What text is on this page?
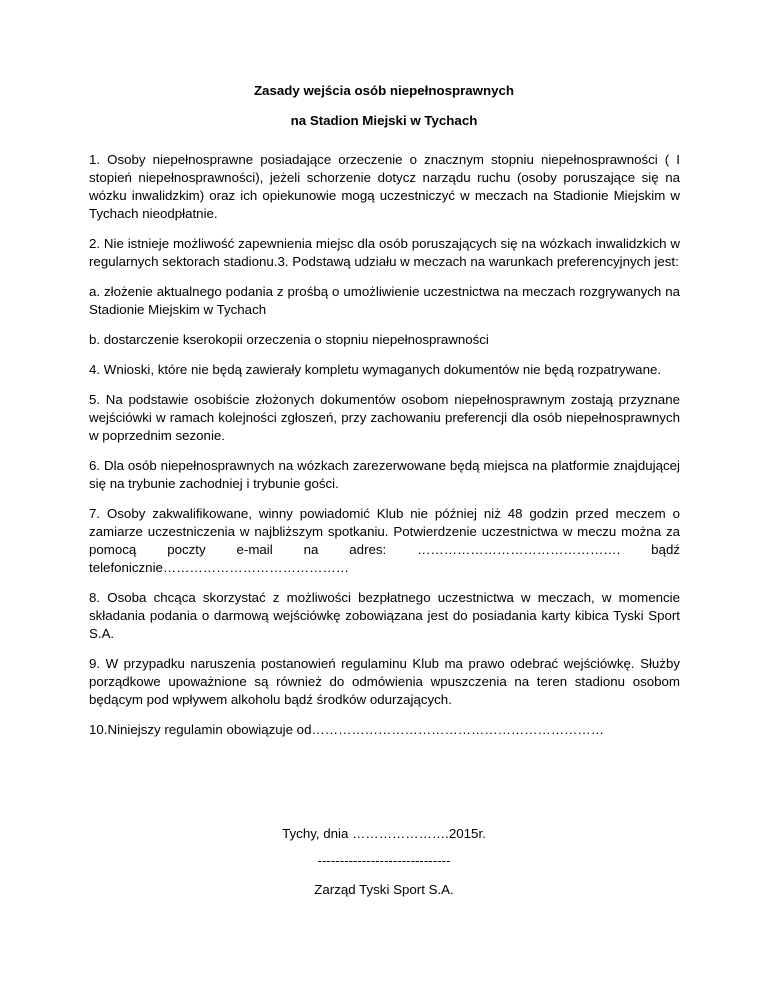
Zasady wejścia osób niepełnosprawnych
na Stadion Miejski w Tychach

1. Osoby niepełnosprawne posiadające orzeczenie o znacznym stopniu niepełnosprawności ( I stopień niepełnosprawności), jeżeli schorzenie dotycz narządu ruchu (osoby poruszające się na wózku inwalidzkim) oraz ich opiekunowie mogą uczestniczyć w meczach na Stadionie Miejskim w Tychach nieodpłatnie.

2. Nie istnieje możliwość zapewnienia miejsc dla osób poruszających się na wózkach inwalidzkich w regularnych sektorach stadionu.3. Podstawą udziału w meczach na warunkach preferencyjnych jest:

a. złożenie aktualnego podania z prośbą o umożliwienie uczestnictwa na meczach rozgrywanych na Stadionie Miejskim w Tychach

b. dostarczenie kserokopii orzeczenia o stopniu niepełnosprawności

4. Wnioski, które nie będą zawierały kompletu wymaganych dokumentów nie będą rozpatrywane.

5. Na podstawie osobiście złożonych dokumentów osobom niepełnosprawnym zostają przyznane wejściówki w ramach kolejności zgłoszeń, przy zachowaniu preferencji dla osób niepełnosprawnych w poprzednim sezonie.

6. Dla osób niepełnosprawnych na wózkach zarezerwowane będą miejsca na platformie znajdującej się na trybunie zachodniej i trybunie gości.

7. Osoby zakwalifikowane, winny powiadomić Klub nie później niż 48 godzin przed meczem o zamiarze uczestniczenia w najbliższym spotkaniu. Potwierdzenie uczestnictwa w meczu można za pomocą poczty e-mail na adres: ………………………………………. bądź telefonicznie……………………………………

8. Osoba chcąca skorzystać z możliwości bezpłatnego uczestnictwa w meczach, w momencie składania podania o darmową wejściówkę zobowiązana jest do posiadania karty kibica Tyski Sport S.A.

9. W przypadku naruszenia postanowień regulaminu Klub ma prawo odebrać wejściówkę. Służby porządkowe upoważnione są również do odmówienia wpuszczenia na teren stadionu osobom będącym pod wpływem alkoholu bądź środków odurzających.

10.Niniejszy regulamin obowiązuje od…………………………………………………………

Tychy, dnia ………………….2015r.
------------------------------
Zarząd Tyski Sport S.A.
